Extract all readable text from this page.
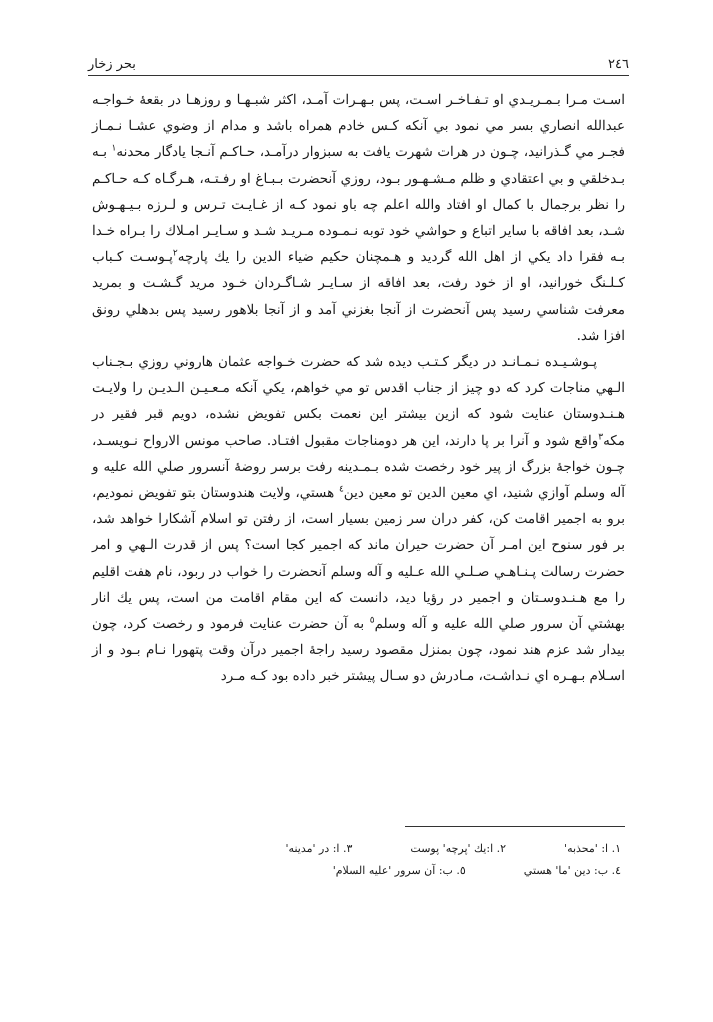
۲٤٦
بحر زخار

اسـت مـرا بـمـريـدي او تـفـاخـر اسـت، پس بـهـرات آمـد، اكثر شبـهـا و روزهـا در بقعهٔ خـواجـه عبدالله انصاري بسر مي نمود بي آنكه كـس خادم همراه باشد و مدام از وضوي عشـا نـمـاز فجـر مي گـذرانيد، چـون در هرات شهرت يافت به سبزوار درآمـد، حـاكـم آنـجا يادگار محدنه$^١$ بـه بـدخلقي و بي اعتقادي و ظلم مـشـهـور بـود، روزي آنحضرت بـبـاغ او رفـتـه، هـرگـاه كـه حـاكـم را نظر برجمال با كمال او افتاد والله اعلم چه باو نمود كـه از غـايـت تـرس و لـرزه بـيـهـوش شـد، بعد افاقه با ساير اتباع و حواشي خود توبه نـمـوده مـريـد شـد و سـايـر امـلاك را بـراه خـدا بـه فقرا داد يكي از اهل الله گرديد و هـمچنان حكيم ضياء الدين را يك پارچه$^٢$پـوسـت كـباب كـلـنگ خورانيد، او از خود رفت، بعد افاقه از سـايـر شـاگـردان خـود مريد گـشـت و بمريد معرفت شناسي رسيد پس آنحضرت از آنجا بغزني آمد و از آنجا بلاهور رسيد پس بدهلي رونق افزا شد.

پـوشـيـده نـمـانـد در ديگر كـتـب ديده شد كه حضرت خـواجه عثمان هاروني روزي بـجـناب الـهي مناجات كرد كه دو چيز از جناب اقدس تو مي خواهم، يكي آنكه مـعـيـن الـديـن را ولايـت هـنـدوستان عنايت شود كه ازين بيشتر اين نعمت بكس تفويض نشده، دويم قبر فقير در مكه$^٣$واقع شود و آنرا بر پا دارند، اين هر دومناجات مقبول افتـاد. صاحب مونس الارواح نـويسـد، چـون خواجهٔ بزرگ از پير خود رخصت شده بـمـدينه رفت برسر روضهٔ آنسرور صلي الله عليه و آله وسلم آوازي شنيد، اي معين الدين تو معين دين$^٤$ هستي، ولايت هندوستان بتو تفويض نموديم، برو به اجمير اقامت كن، كفر دران سر زمين بسيار است، از رفتن تو اسلام آشكارا خواهد شد، بر فور سنوح اين امـر آن حضرت حيران ماند كه اجمير كجا است؟ پس از قدرت الـهي و امر حضرت رسالت پـنـاهـي صـلـي الله عـليه و آله وسلم آنحضرت را خواب در ربود، نام هفت اقليم را مع هـنـدوسـتان و اجمير در رؤيا ديد، دانست كه اين مقام اقامت من است، پس يك انار بهشتي آن سرور صلي الله عليه و آله وسلم$^٥$ به آن حضرت عنايت فرمود و رخصت كرد، چون بيدار شد عزم هند نمود، چون بمنزل مقصود رسيد راجهٔ اجمير درآن وقت پتهورا نـام بـود و از اسـلام بـهـره اي نـداشـت، مـادرش دو سـال پيشتر خبر داده بود كـه مـرد

١. ا: 'محذبه'
٢. ا:يك 'پرچه' پوست
٣. ا: در 'مدينه'
٤. ب: دين 'ما' هستي
٥. ب: آن سرور 'عليه السلام'
